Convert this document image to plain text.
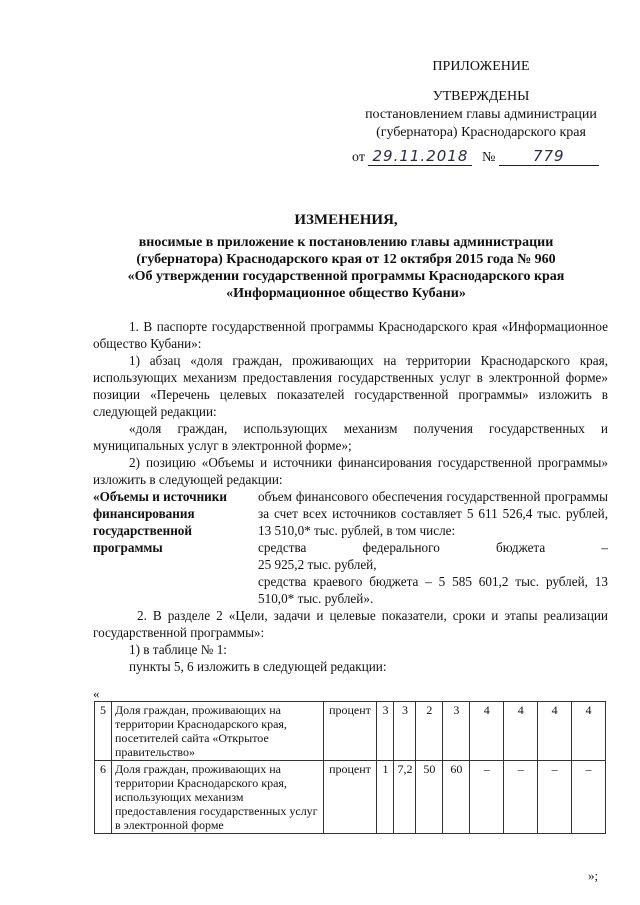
ПРИЛОЖЕНИЕ
УТВЕРЖДЕНЫ
постановлением главы администрации
(губернатора) Краснодарского края
от 29.11.2018 №	779
ИЗМЕНЕНИЯ,
вносимые в приложение к постановлению главы администрации
(губернатора) Краснодарского края от 12 октября 2015 года № 960
«Об утверждении государственной программы Краснодарского края
«Информационное общество Кубани»
1. В паспорте государственной программы Краснодарского края «Информационное общество Кубани»:
1) абзац «доля граждан, проживающих на территории Краснодарского края, использующих механизм предоставления государственных услуг в электронной форме» позиции «Перечень целевых показателей государственной программы» изложить в следующей редакции:
«доля граждан, использующих механизм получения государственных и муниципальных услуг в электронной форме»;
2) позицию «Объемы и источники финансирования государственной программы» изложить в следующей редакции:
«Объемы и источники финансирования государственной программы
объем финансового обеспечения государственной программы за счет всех источников составляет 5 611 526,4 тыс. рублей, 13 510,0* тыс. рублей, в том числе:
средства федерального бюджета –
25 925,2 тыс. рублей,
средства краевого бюджета – 5 585 601,2 тыс. рублей, 13 510,0* тыс. рублей».
2. В разделе 2 «Цели, задачи и целевые показатели, сроки и этапы реализации государственной программы»:
1) в таблице № 1:
пункты 5, 6 изложить в следующей редакции:
«
5	Доля граждан, проживающих на территории Краснодарского края, посетителей сайта «Открытое правительство»	процент	3	3	2	3	4	4	4	4
6	Доля граждан, проживающих на территории Краснодарского края, использующих механизм предоставления государственных услуг в электронной форме	процент	1	7,2	50	60	–	–	–	–
»;
